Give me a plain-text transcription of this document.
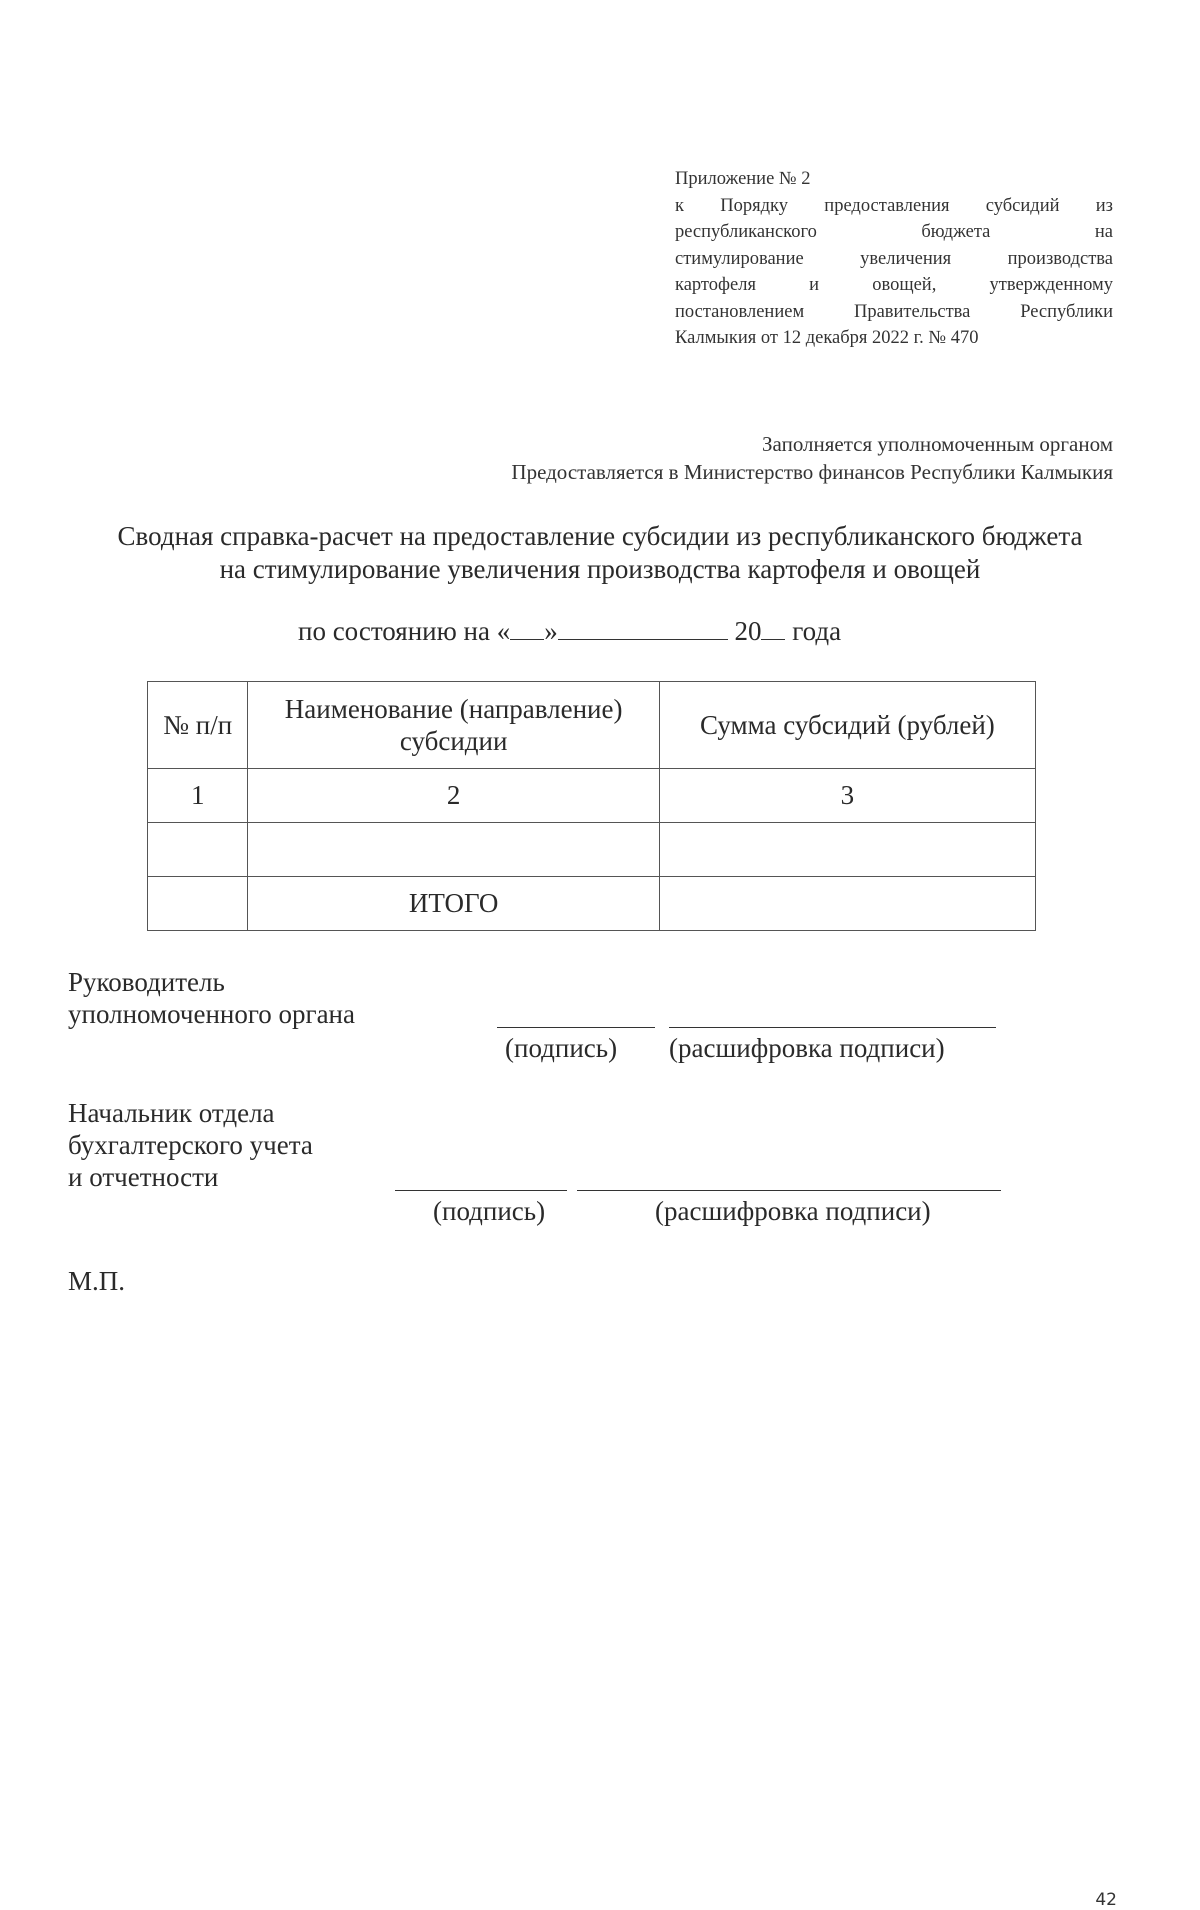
Приложение № 2
к Порядку предоставления субсидий из
республиканского бюджета на
стимулирование увеличения производства
картофеля и овощей, утвержденному
постановлением Правительства Республики
Калмыкия от 12 декабря 2022 г. № 470
Заполняется уполномоченным органом
Предоставляется в Министерство финансов Республики Калмыкия
Сводная справка-расчет на предоставление субсидии из республиканского бюджета
на стимулирование увеличения производства картофеля и овощей
по состоянию на « »	20 года
№ п/п	Наименование (направление) субсидии	Сумма субсидий (рублей)
1	2	3

	ИТОГО	
Руководитель
уполномоченного органа
(подпись) (расшифровка подписи)
Начальник отдела
бухгалтерского учета
и отчетности
(подпись)	(расшифровка подписи)
М.П.
42
